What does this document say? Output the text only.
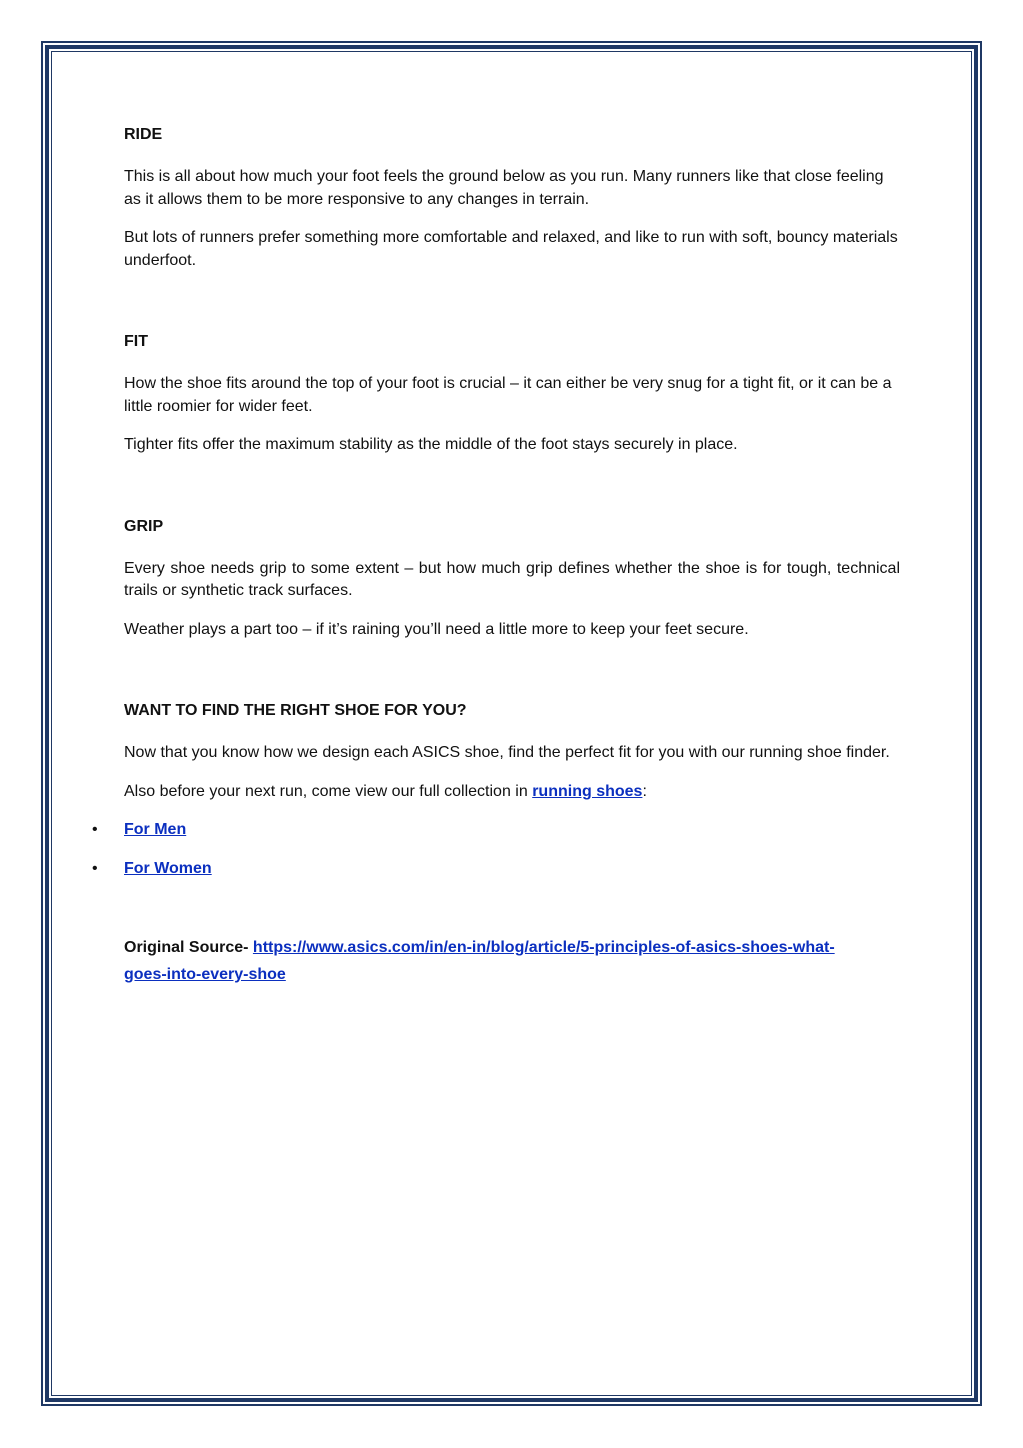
RIDE

This is all about how much your foot feels the ground below as you run. Many runners like that close feeling as it allows them to be more responsive to any changes in terrain.

But lots of runners prefer something more comfortable and relaxed, and like to run with soft, bouncy materials underfoot.

FIT

How the shoe fits around the top of your foot is crucial – it can either be very snug for a tight fit, or it can be a little roomier for wider feet.

Tighter fits offer the maximum stability as the middle of the foot stays securely in place.

GRIP

Every shoe needs grip to some extent – but how much grip defines whether the shoe is for tough, technical trails or synthetic track surfaces.

Weather plays a part too – if it’s raining you’ll need a little more to keep your feet secure.

WANT TO FIND THE RIGHT SHOE FOR YOU?

Now that you know how we design each ASICS shoe, find the perfect fit for you with our running shoe finder.

Also before your next run, come view our full collection in running shoes:

• For Men
• For Women
Original Source- https://www.asics.com/in/en-in/blog/article/5-principles-of-asics-shoes-what-
goes-into-every-shoe
